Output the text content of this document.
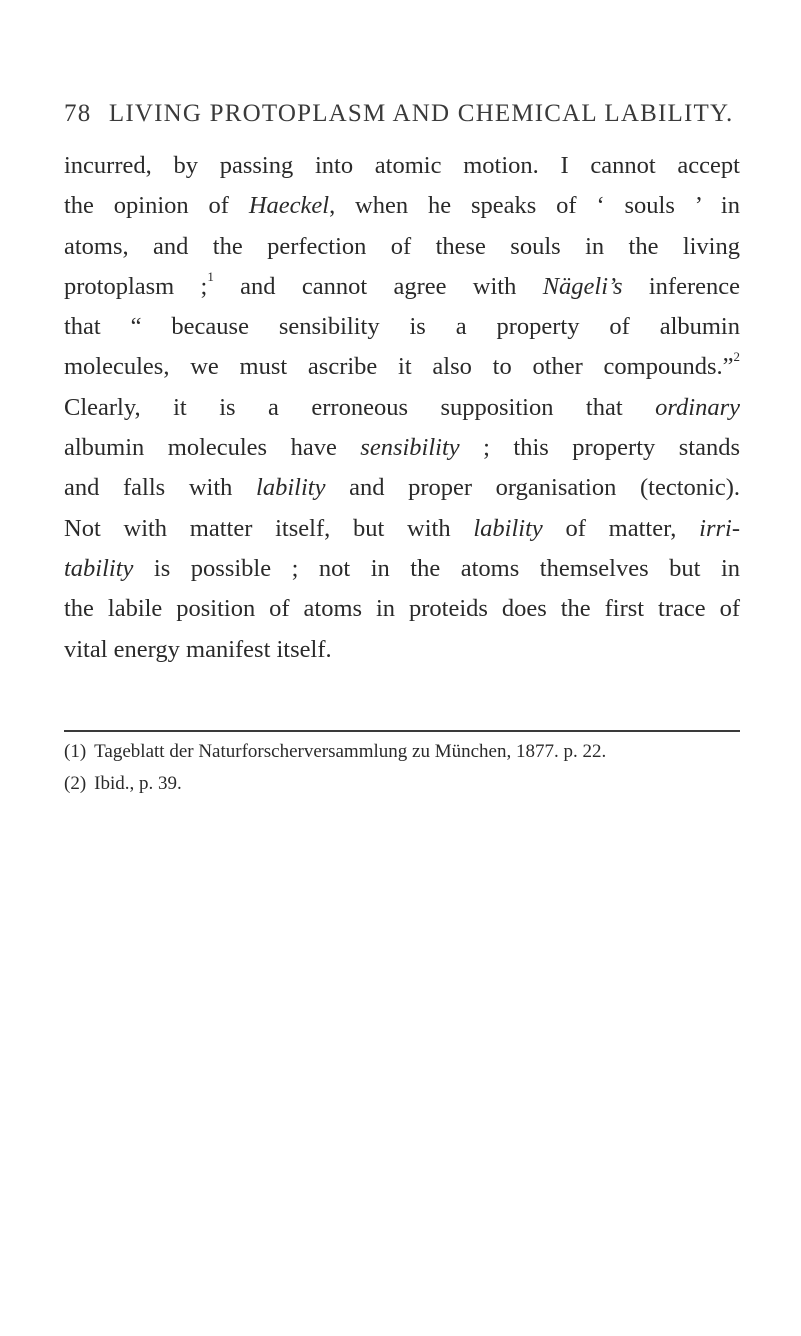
78 LIVING PROTOPLASM AND CHEMICAL LABILITY.
incurred, by passing into atomic motion. I cannot accept
the opinion of Haeckel, when he speaks of ‘ souls ’ in
atoms, and the perfection of these souls in the living
protoplasm ;$^1$ and cannot agree with Nägeli’s inference
that “ because sensibility is a property of albumin
molecules, we must ascribe it also to other compounds.”$^2$
Clearly, it is a erroneous supposition that ordinary
albumin molecules have sensibility ; this property stands
and falls with lability and proper organisation (tectonic).
Not with matter itself, but with lability of matter, irri-
tability is possible ; not in the atoms themselves but in
the labile position of atoms in proteids does the first trace of
vital energy manifest itself.
(1) Tageblatt der Naturforscherversammlung zu München, 1877. p. 22.
(2) Ibid., p. 39.
